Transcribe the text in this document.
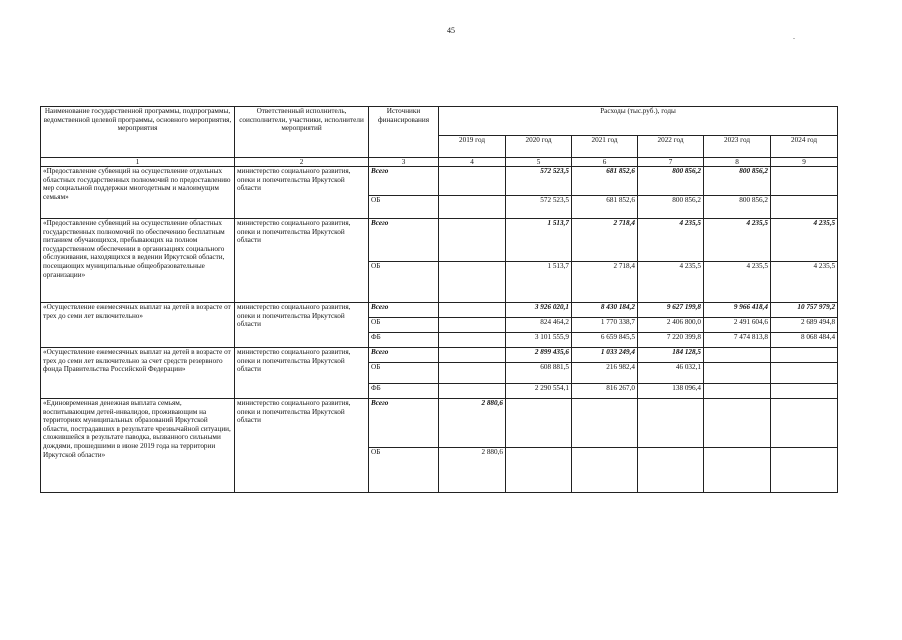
45
Наименование государственной программы, подпрограммы, ведомственной целевой программы, основного мероприятия, мероприятия	Ответственный исполнитель, соисполнители, участники, исполнители мероприятий	Источники финансирования	Расходы (тыс.руб.), годы					
			2019 год	2020 год	2021 год	2022 год	2023 год	2024 год
1	2	3	4	5	6	7	8	9
«Предоставление субвенций на осуществление отдельных областных государственных полномочий по предоставлению мер социальной поддержки многодетным и малоимущим семьям»	министерство социального развития, опеки и попечительства Иркутской области	Всего		572 523,5	681 852,6	800 856,2	800 856,2	
		ОБ		572 523,5	681 852,6	800 856,2	800 856,2	
«Предоставление субвенций на осуществление областных государственных полномочий по обеспечению бесплатным питанием обучающихся, пребывающих на полном государственном обеспечении в организациях социального обслуживания, находящихся в ведении Иркутской области, посещающих муниципальные общеобразовательные организации»	министерство социального развития, опеки и попечительства Иркутской области	Всего		1 513,7	2 718,4	4 235,5	4 235,5	4 235,5
		ОБ		1 513,7	2 718,4	4 235,5	4 235,5	4 235,5
«Осуществление ежемесячных выплат на детей в возрасте от трех до семи лет включительно»	министерство социального развития, опеки и попечительства Иркутской области	Всего		3 926 020,1	8 430 184,2	9 627 199,8	9 966 418,4	10 757 979,2
		ОБ		824 464,2	1 770 338,7	2 406 800,0	2 491 604,6	2 689 494,8
		ФБ		3 101 555,9	6 659 845,5	7 220 399,8	7 474 813,8	8 068 484,4
«Осуществление ежемесячных выплат на детей в возрасте от трех до семи лет включительно за счет средств резервного фонда Правительства Российской Федерации»	министерство социального развития, опеки и попечительства Иркутской области	Всего		2 899 435,6	1 033 249,4	184 128,5		
		ОБ		608 881,5	216 982,4	46 032,1		
		ФБ		2 290 554,1	816 267,0	138 096,4		
«Единовременная денежная выплата семьям, воспитывающим детей-инвалидов, проживающим на территориях муниципальных образований Иркутской области, пострадавших в результате чрезвычайной ситуации, сложившейся в результате паводка, вызванного сильными дождями, прошедшими в июне 2019 года на территории Иркутской области»	министерство социального развития, опеки и попечительства Иркутской области	Всего	2 880,6					
		ОБ	2 880,6					
